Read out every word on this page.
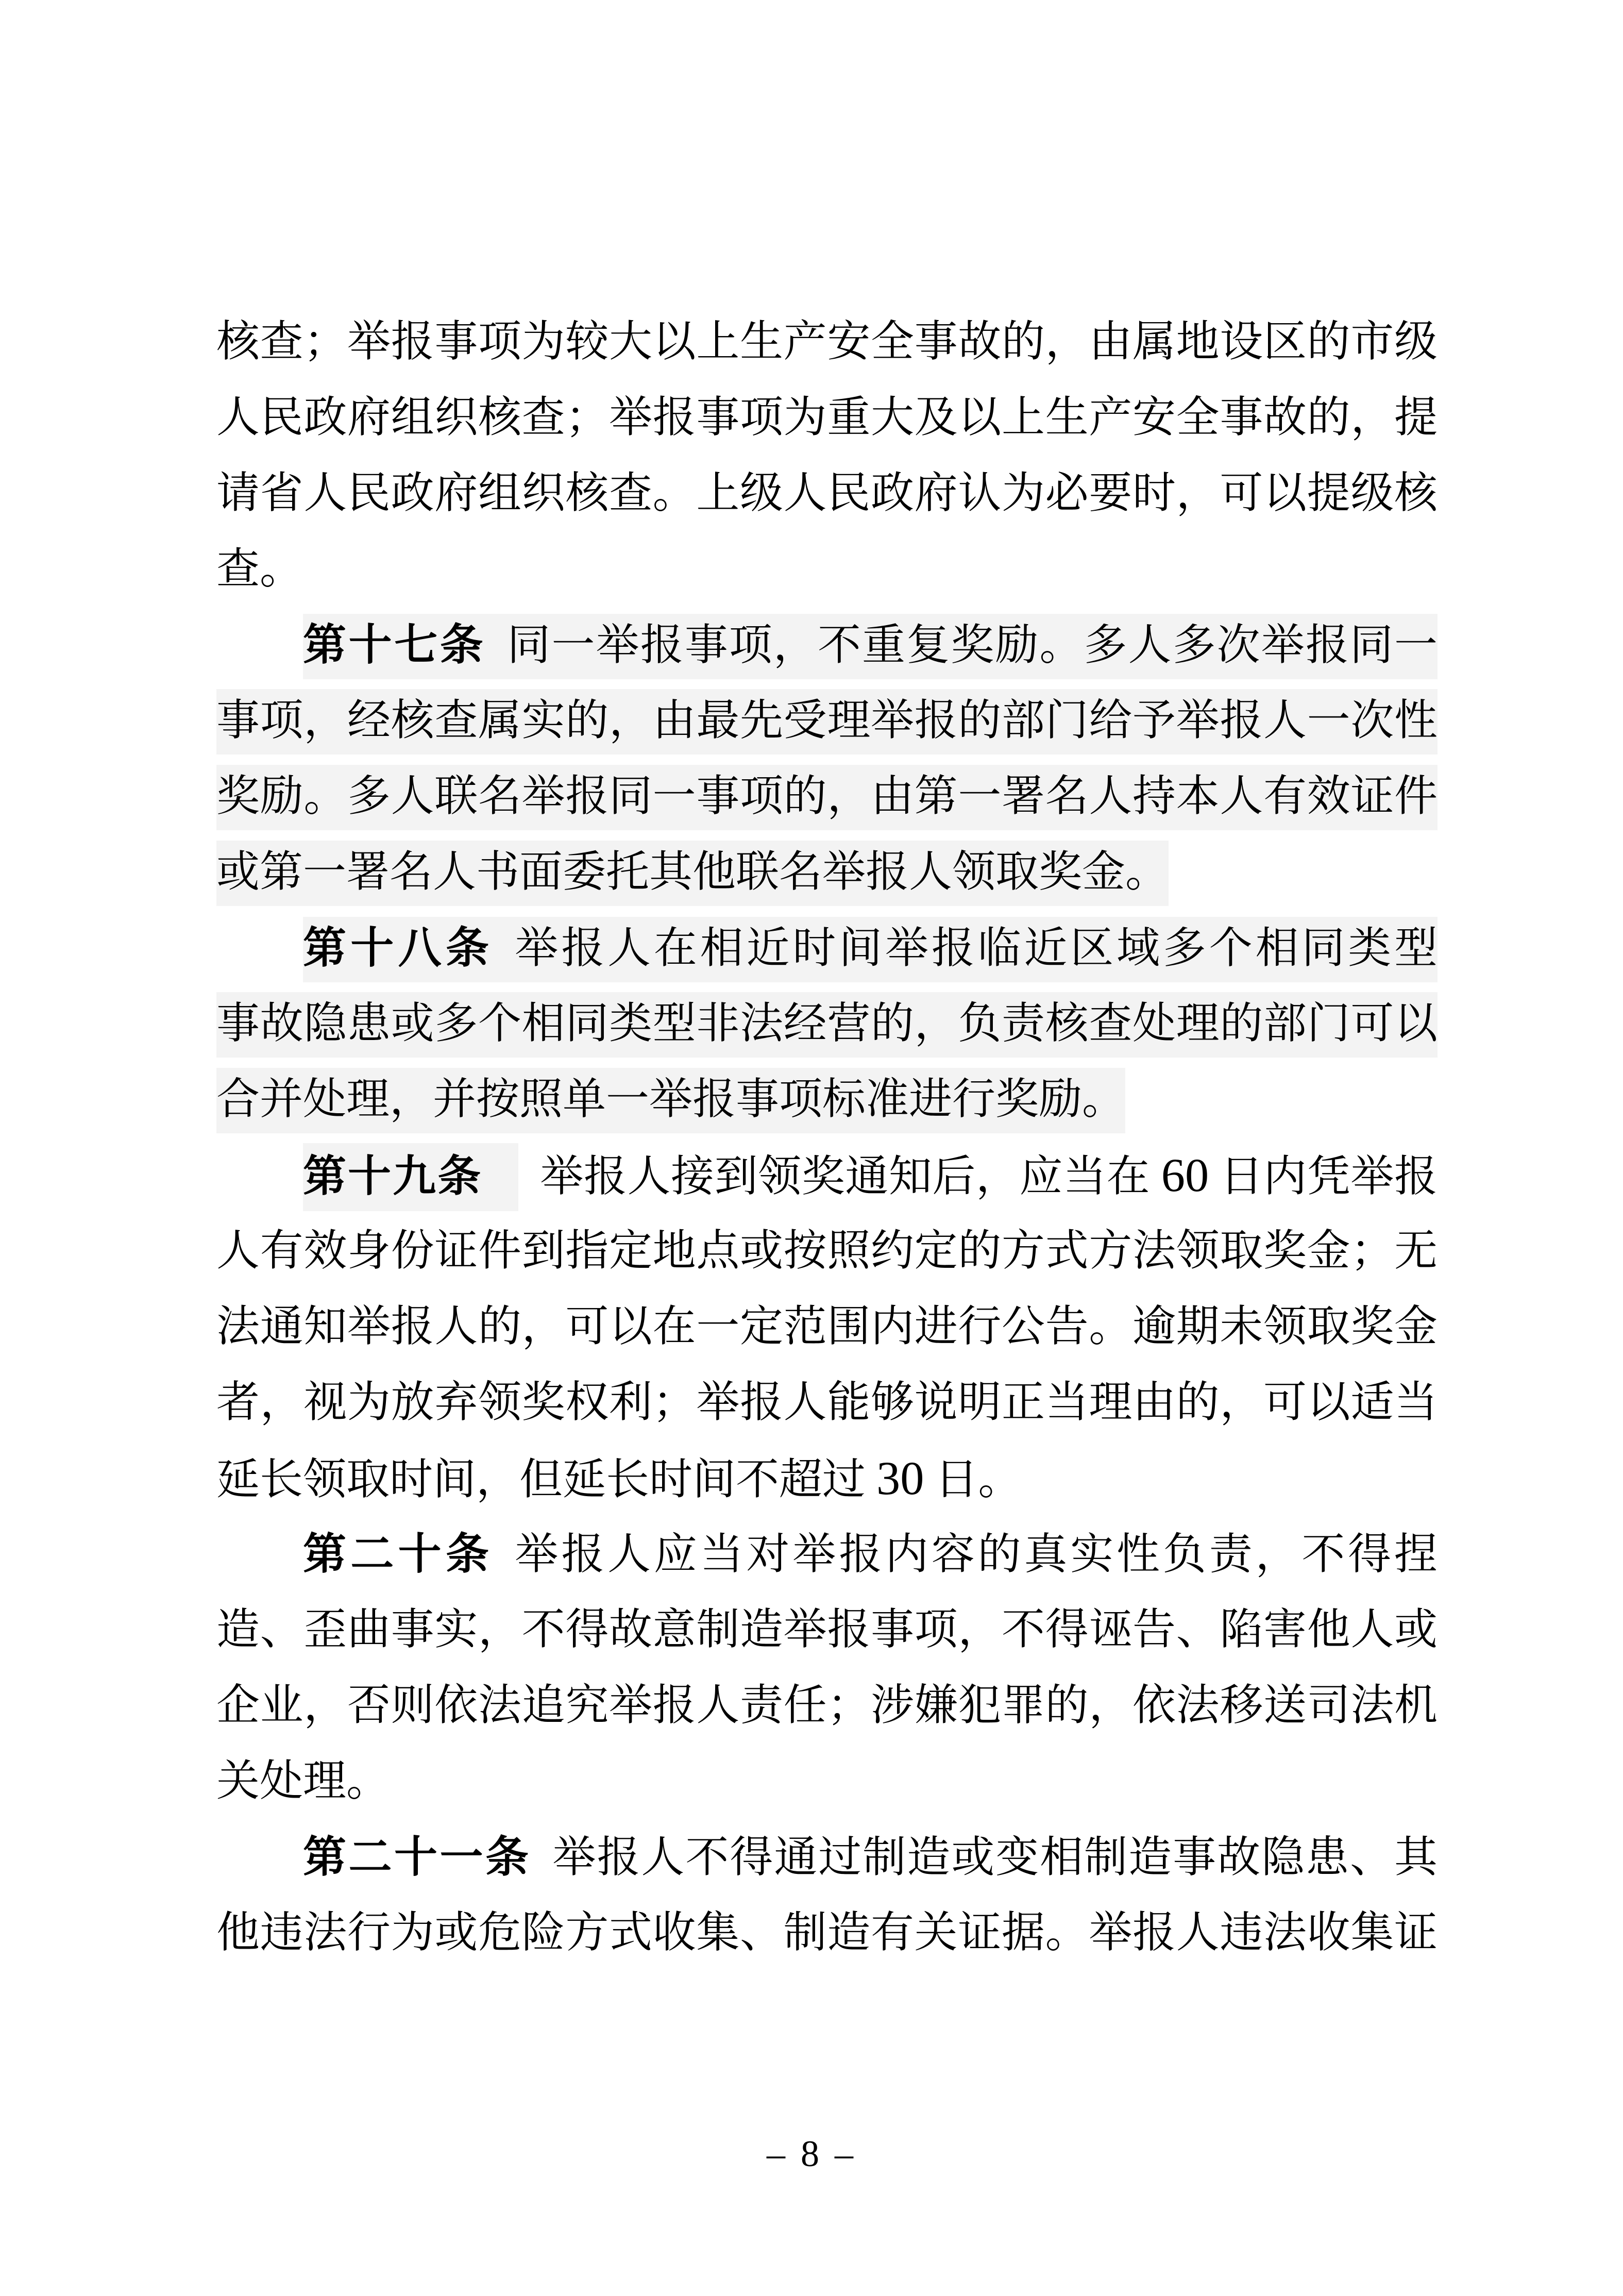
核查；举报事项为较大以上生产安全事故的，由属地设区的市级
人民政府组织核查；举报事项为重大及以上生产安全事故的，提
请省人民政府组织核查。上级人民政府认为必要时，可以提级核
查。
第十七条 同一举报事项，不重复奖励。多人多次举报同一
事项，经核查属实的，由最先受理举报的部门给予举报人一次性
奖励。多人联名举报同一事项的，由第一署名人持本人有效证件
或第一署名人书面委托其他联名举报人领取奖金。
第十八条 举报人在相近时间举报临近区域多个相同类型
事故隐患或多个相同类型非法经营的，负责核查处理的部门可以
合并处理，并按照单一举报事项标准进行奖励。
第十九条 举报人接到领奖通知后，应当在 60 日内凭举报
人有效身份证件到指定地点或按照约定的方式方法领取奖金；无
法通知举报人的，可以在一定范围内进行公告。逾期未领取奖金
者，视为放弃领奖权利；举报人能够说明正当理由的，可以适当
延长领取时间，但延长时间不超过 30 日。
第二十条 举报人应当对举报内容的真实性负责，不得捏
造、歪曲事实，不得故意制造举报事项，不得诬告、陷害他人或
企业，否则依法追究举报人责任；涉嫌犯罪的，依法移送司法机
关处理。
第二十一条 举报人不得通过制造或变相制造事故隐患、其
他违法行为或危险方式收集、制造有关证据。举报人违法收集证
– 8 –
